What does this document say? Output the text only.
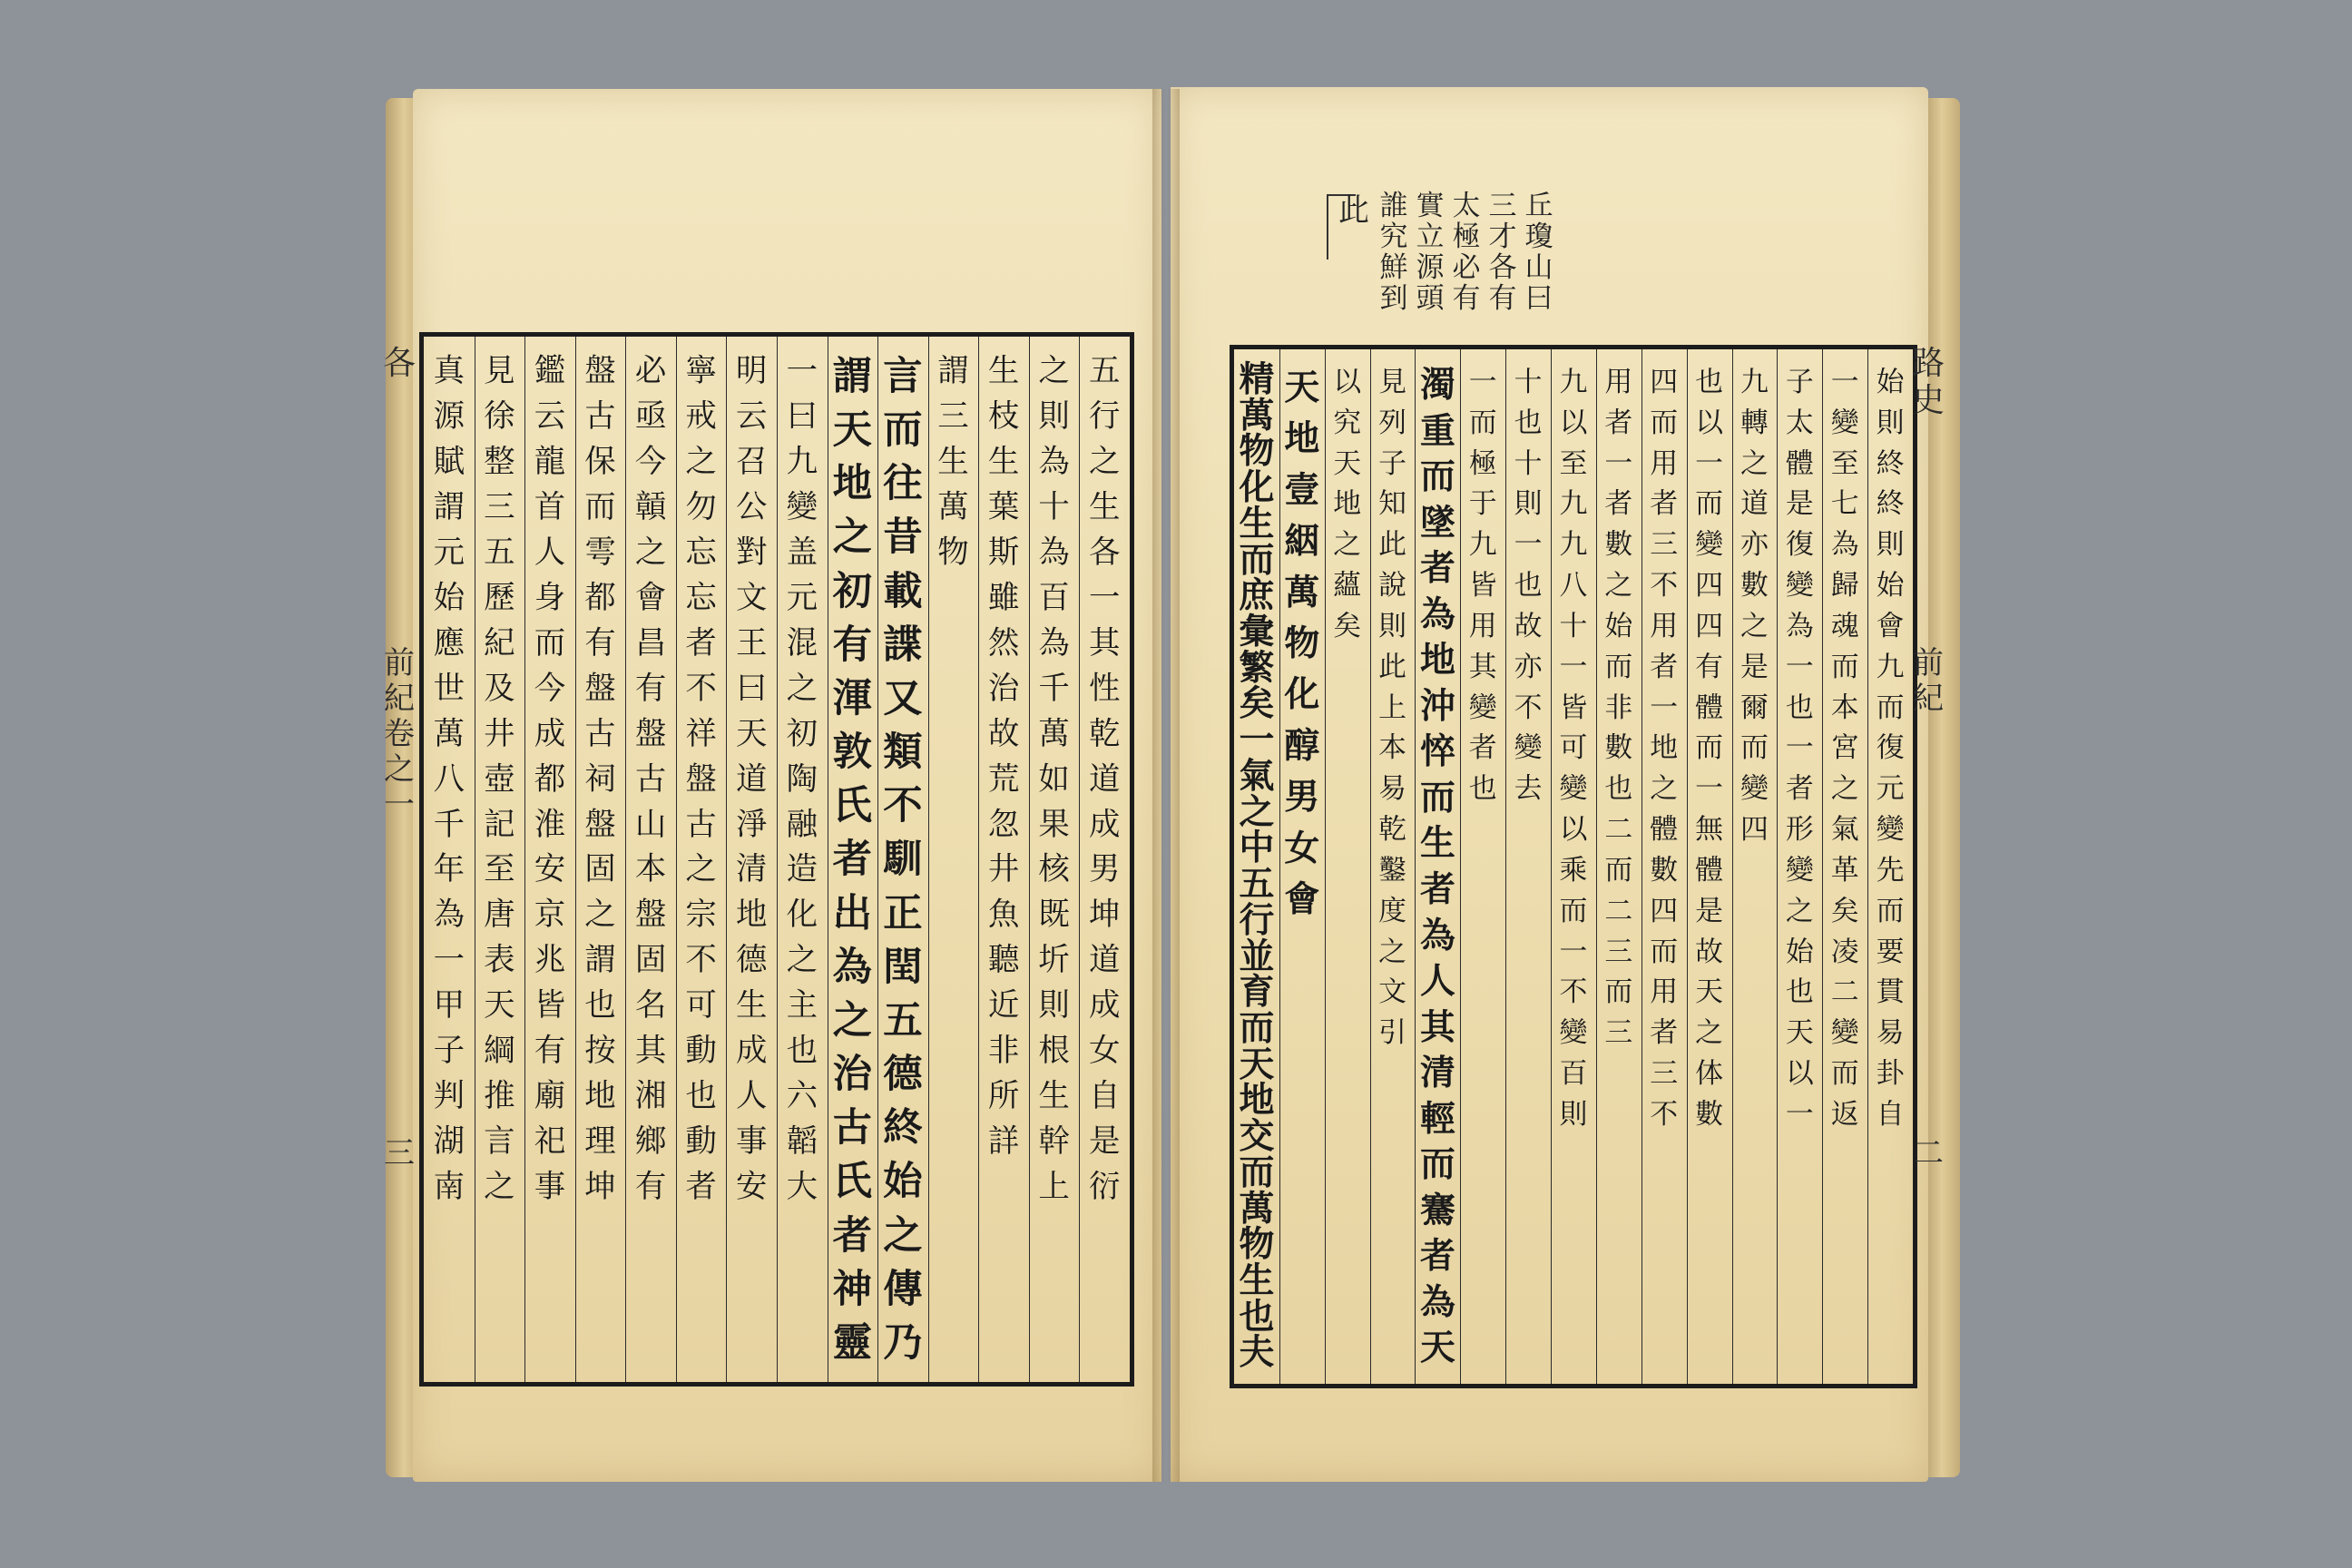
丘
瓊
山
曰
三
才
各
有
太
極
必
有
實
立
源
頭
誰
究
鮮
到
此
五
行
之
生
各
一
其
性
乾
道
成
男
坤
道
成
女
自
是
衍
之
則
為
十
為
百
為
千
萬
如
果
核
既
圻
則
根
生
幹
上
生
枝
生
葉
斯
雖
然
治
故
荒
忽
井
魚
聽
近
非
所
詳
謂
三
生
萬
物
言
而
往
昔
載
諜
又
類
不
馴
正
閏
五
德
終
始
之
傳
乃
謂
天
地
之
初
有
渾
敦
氏
者
出
為
之
治
古
氏
者
神
靈
一
曰
九
變
盖
元
混
之
初
陶
融
造
化
之
主
也
六
韜
大
明
云
召
公
對
文
王
曰
天
道
淨
清
地
德
生
成
人
事
安
寧
戒
之
勿
忘
忘
者
不
祥
盤
古
之
宗
不
可
動
也
動
者
必
亟
今
贑
之
會
昌
有
盤
古
山
本
盤
固
名
其
湘
鄉
有
盤
古
保
而
雩
都
有
盤
古
祠
盤
固
之
謂
也
按
地
理
坤
鑑
云
龍
首
人
身
而
今
成
都
淮
安
京
兆
皆
有
廟
祀
事
見
徐
整
三
五
歷
紀
及
井
壺
記
至
唐
表
天
綱
推
言
之
真
源
賦
謂
元
始
應
世
萬
八
千
年
為
一
甲
子
判
湖
南
各
前
紀
卷
之
一
三
始
則
終
終
則
始
會
九
而
復
元
變
先
而
要
貫
易
卦
自
一
變
至
七
為
歸
魂
而
本
宮
之
氣
革
矣
凌
二
變
而
返
子
太
體
是
復
變
為
一
也
一
者
形
變
之
始
也
天
以
一
九
轉
之
道
亦
數
之
是
爾
而
變
四
也
以
一
而
變
四
四
有
體
而
一
無
體
是
故
天
之
体
數
四
而
用
者
三
不
用
者
一
地
之
體
數
四
而
用
者
三
不
用
者
一
者
數
之
始
而
非
數
也
二
而
二
三
而
三
九
以
至
九
九
八
十
一
皆
可
變
以
乘
而
一
不
變
百
則
十
也
十
則
一
也
故
亦
不
變
去
一
而
極
于
九
皆
用
其
變
者
也
濁
重
而
墜
者
為
地
沖
悴
而
生
者
為
人
其
清
輕
而
騫
者
為
天
見
列
子
知
此
說
則
此
上
本
易
乾
鑿
度
之
文
引
以
究
天
地
之
蘊
矣
天
地
壹
絪
萬
物
化
醇
男
女
會
精
萬
物
化
生
而
庶
彙
繁
矣
一
氣
之
中
五
行
並
育
而
天
地
交
而
萬
物
生
也
夫
路
史
前
紀
二
